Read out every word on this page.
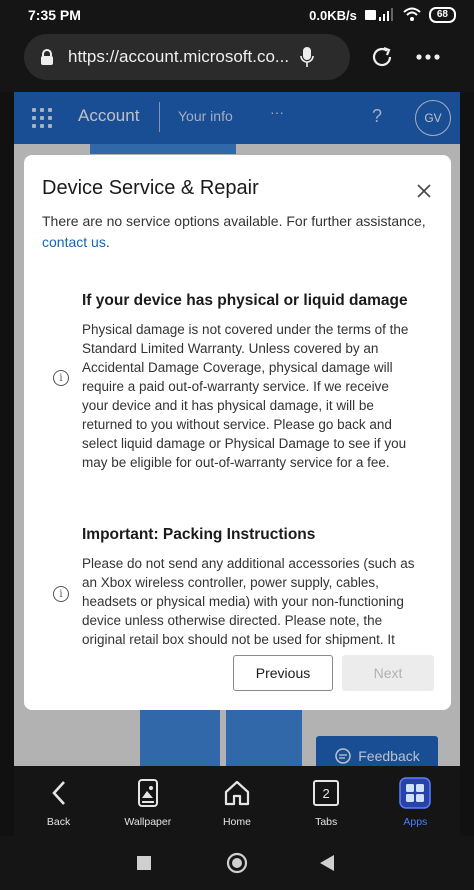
7:35 PM	0.0KB/s	68
https://account.microsoft.co...
Account	Your info	···	?	GV
Feedback
Device Service & Repair
There are no service options available. For further assistance,
contact us.
i
If your device has physical or liquid damage

Physical damage is not covered under the terms of the Standard Limited Warranty. Unless covered by an Accidental Damage Coverage, physical damage will require a paid out-of-warranty service. If we receive your device and it has physical damage, it will be returned to you without service. Please go back and select liquid damage or Physical Damage to see if you may be eligible for out-of-warranty service for a fee.

i
Important: Packing Instructions

Please do not send any additional accessories (such as an Xbox wireless controller, power supply, cables, headsets or physical media) with your non-functioning device unless otherwise directed. Please note, the original retail box should not be used for shipment. It

Previous	Next
Back	Wallpaper	Home
2
Tabs	Apps
